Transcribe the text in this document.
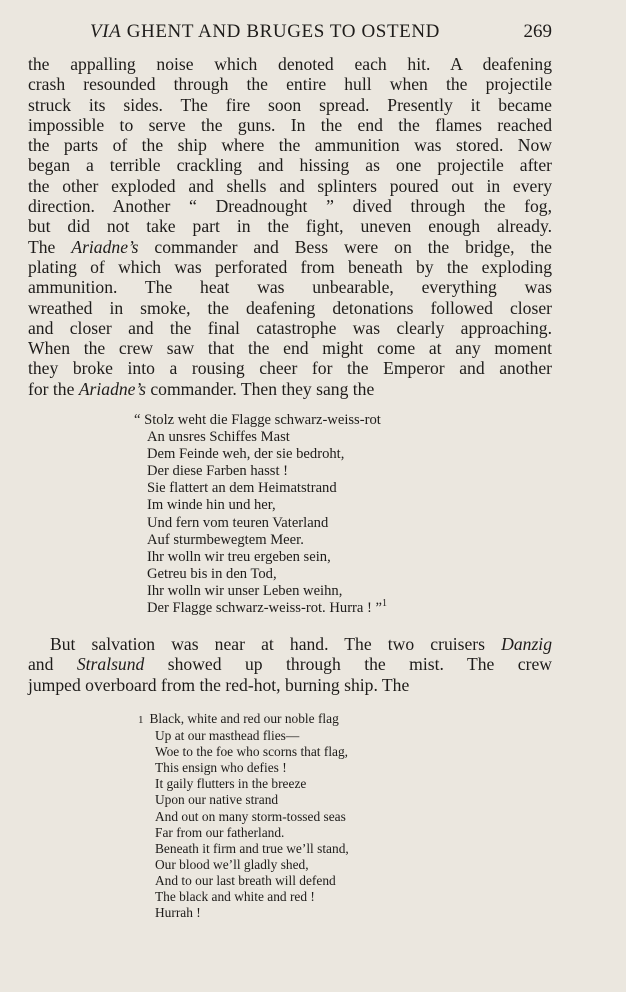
VIA GHENT AND BRUGES TO OSTEND	269
the appalling noise which denoted each hit. A deafening
crash resounded through the entire hull when the projectile
struck its sides. The fire soon spread. Presently it became
impossible to serve the guns. In the end the flames reached
the parts of the ship where the ammunition was stored. Now
began a terrible crackling and hissing as one projectile after
the other exploded and shells and splinters poured out in every
direction. Another “ Dreadnought ” dived through the fog,
but did not take part in the fight, uneven enough already.
The Ariadne’s commander and Bess were on the bridge, the
plating of which was perforated from beneath by the exploding
ammunition. The heat was unbearable, everything was
wreathed in smoke, the deafening detonations followed closer
and closer and the final catastrophe was clearly approaching.
When the crew saw that the end might come at any moment
they broke into a rousing cheer for the Emperor and another
for the Ariadne’s commander. Then they sang the
“ Stolz weht die Flagge schwarz-weiss-rot
An unsres Schiffes Mast
Dem Feinde weh, der sie bedroht,
Der diese Farben hasst !
Sie flattert an dem Heimatstrand
Im winde hin und her,
Und fern vom teuren Vaterland
Auf sturmbewegtem Meer.
Ihr wolln wir treu ergeben sein,
Getreu bis in den Tod,
Ihr wolln wir unser Leben weihn,
Der Flagge schwarz-weiss-rot. Hurra ! ”$^1$
But salvation was near at hand. The two cruisers Danzig
and Stralsund showed up through the mist. The crew
jumped overboard from the red-hot, burning ship. The
1 Black, white and red our noble flag
Up at our masthead flies—
Woe to the foe who scorns that flag,
This ensign who defies !
It gaily flutters in the breeze
Upon our native strand
And out on many storm-tossed seas
Far from our fatherland.
Beneath it firm and true we’ll stand,
Our blood we’ll gladly shed,
And to our last breath will defend
The black and white and red !
Hurrah !
